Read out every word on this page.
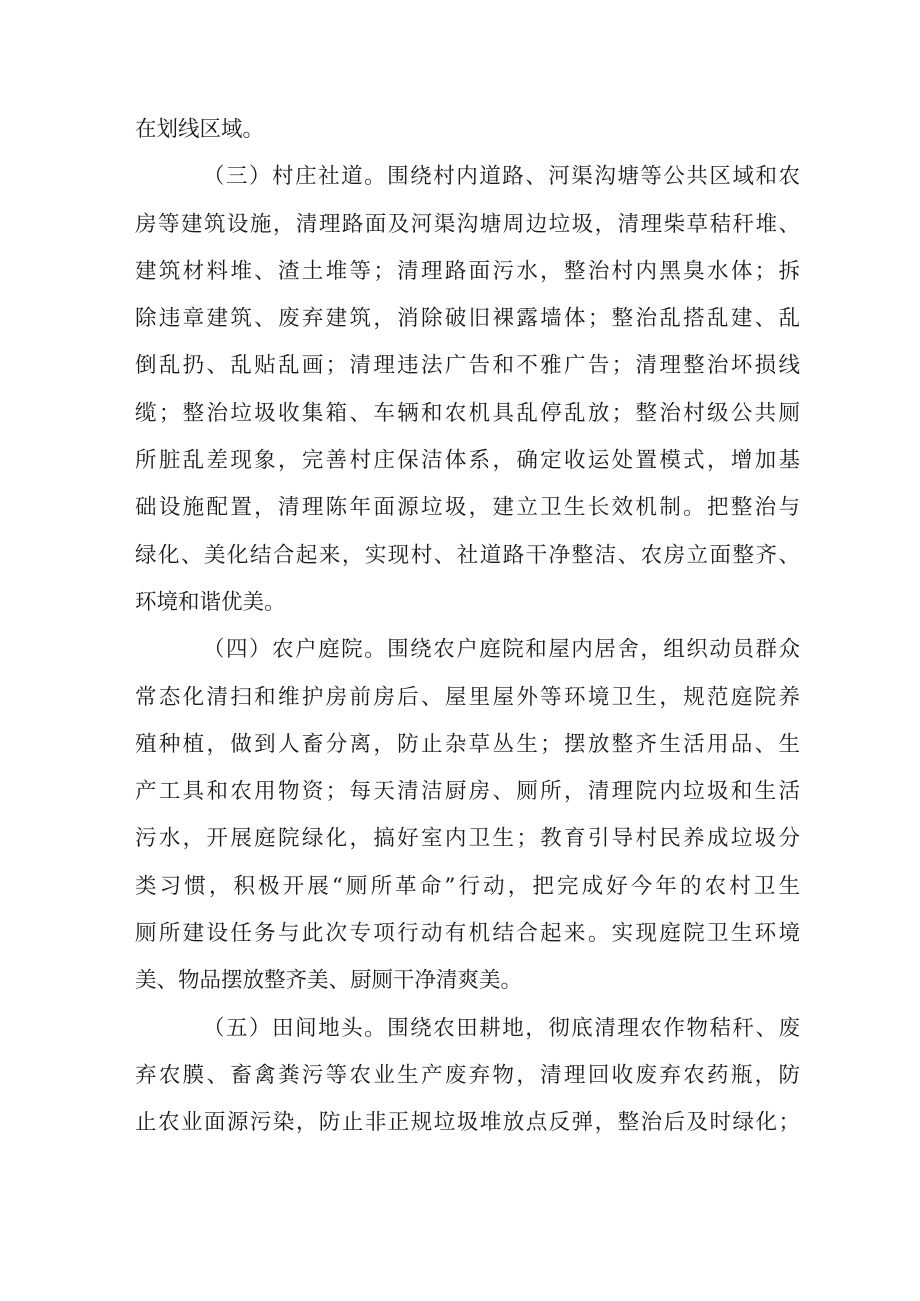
在划线区域。
（三）村庄社道。围绕村内道路、河渠沟塘等公共区域和农
房等建筑设施，清理路面及河渠沟塘周边垃圾，清理柴草秸秆堆、
建筑材料堆、渣土堆等；清理路面污水，整治村内黑臭水体；拆
除违章建筑、废弃建筑，消除破旧裸露墙体；整治乱搭乱建、乱
倒乱扔、乱贴乱画；清理违法广告和不雅广告；清理整治坏损线
缆；整治垃圾收集箱、车辆和农机具乱停乱放；整治村级公共厕
所脏乱差现象，完善村庄保洁体系，确定收运处置模式，增加基
础设施配置，清理陈年面源垃圾，建立卫生长效机制。把整治与
绿化、美化结合起来，实现村、社道路干净整洁、农房立面整齐、
环境和谐优美。
（四）农户庭院。围绕农户庭院和屋内居舍，组织动员群众
常态化清扫和维护房前房后、屋里屋外等环境卫生，规范庭院养
殖种植，做到人畜分离，防止杂草丛生；摆放整齐生活用品、生
产工具和农用物资；每天清洁厨房、厕所，清理院内垃圾和生活
污水，开展庭院绿化，搞好室内卫生；教育引导村民养成垃圾分
类习惯，积极开展“厕所革命”行动，把完成好今年的农村卫生
厕所建设任务与此次专项行动有机结合起来。实现庭院卫生环境
美、物品摆放整齐美、厨厕干净清爽美。
（五）田间地头。围绕农田耕地，彻底清理农作物秸秆、废
弃农膜、畜禽粪污等农业生产废弃物，清理回收废弃农药瓶，防
止农业面源污染，防止非正规垃圾堆放点反弹，整治后及时绿化；
